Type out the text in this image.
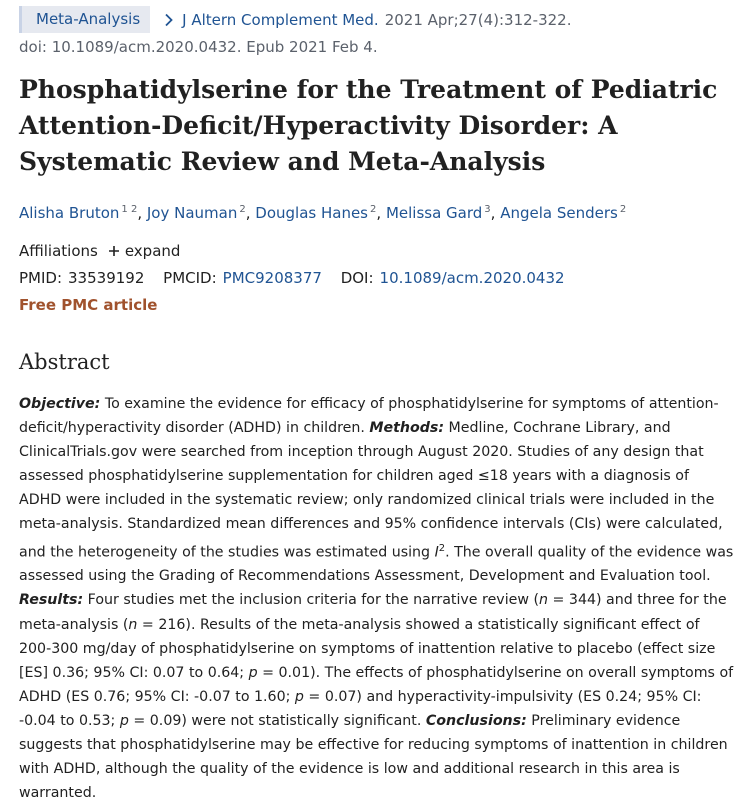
Meta-Analysis	J Altern Complement Med. 2021 Apr;27(4):312-322.
doi: 10.1089/acm.2020.0432. Epub 2021 Feb 4.
Phosphatidylserine for the Treatment of Pediatric Attention-Deficit/Hyperactivity Disorder: A Systematic Review and Meta-Analysis
Alisha Bruton $^{1 2}$, Joy Nauman $^2$, Douglas Hanes $^2$, Melissa Gard $^3$, Angela Senders $^2$
Affiliations expand
PMID: 33539192 PMCID: PMC9208377 DOI: 10.1089/acm.2020.0432
Free PMC article
Abstract

Objective: To examine the evidence for efficacy of phosphatidylserine for symptoms of attention-deficit/hyperactivity disorder (ADHD) in children. Methods: Medline, Cochrane Library, and ClinicalTrials.gov were searched from inception through August 2020. Studies of any design that assessed phosphatidylserine supplementation for children aged ≤18 years with a diagnosis of ADHD were included in the systematic review; only randomized clinical trials were included in the meta-analysis. Standardized mean differences and 95% confidence intervals (CIs) were calculated, and the heterogeneity of the studies was estimated using $I^2$. The overall quality of the evidence was assessed using the Grading of Recommendations Assessment, Development and Evaluation tool. Results: Four studies met the inclusion criteria for the narrative review (n = 344) and three for the meta-analysis (n = 216). Results of the meta-analysis showed a statistically significant effect of 200-300 mg/day of phosphatidylserine on symptoms of inattention relative to placebo (effect size [ES] 0.36; 95% CI: 0.07 to 0.64; p = 0.01). The effects of phosphatidylserine on overall symptoms of ADHD (ES 0.76; 95% CI: -0.07 to 1.60; p = 0.07) and hyperactivity-impulsivity (ES 0.24; 95% CI: -0.04 to 0.53; p = 0.09) were not statistically significant. Conclusions: Preliminary evidence suggests that phosphatidylserine may be effective for reducing symptoms of inattention in children with ADHD, although the quality of the evidence is low and additional research in this area is warranted.
